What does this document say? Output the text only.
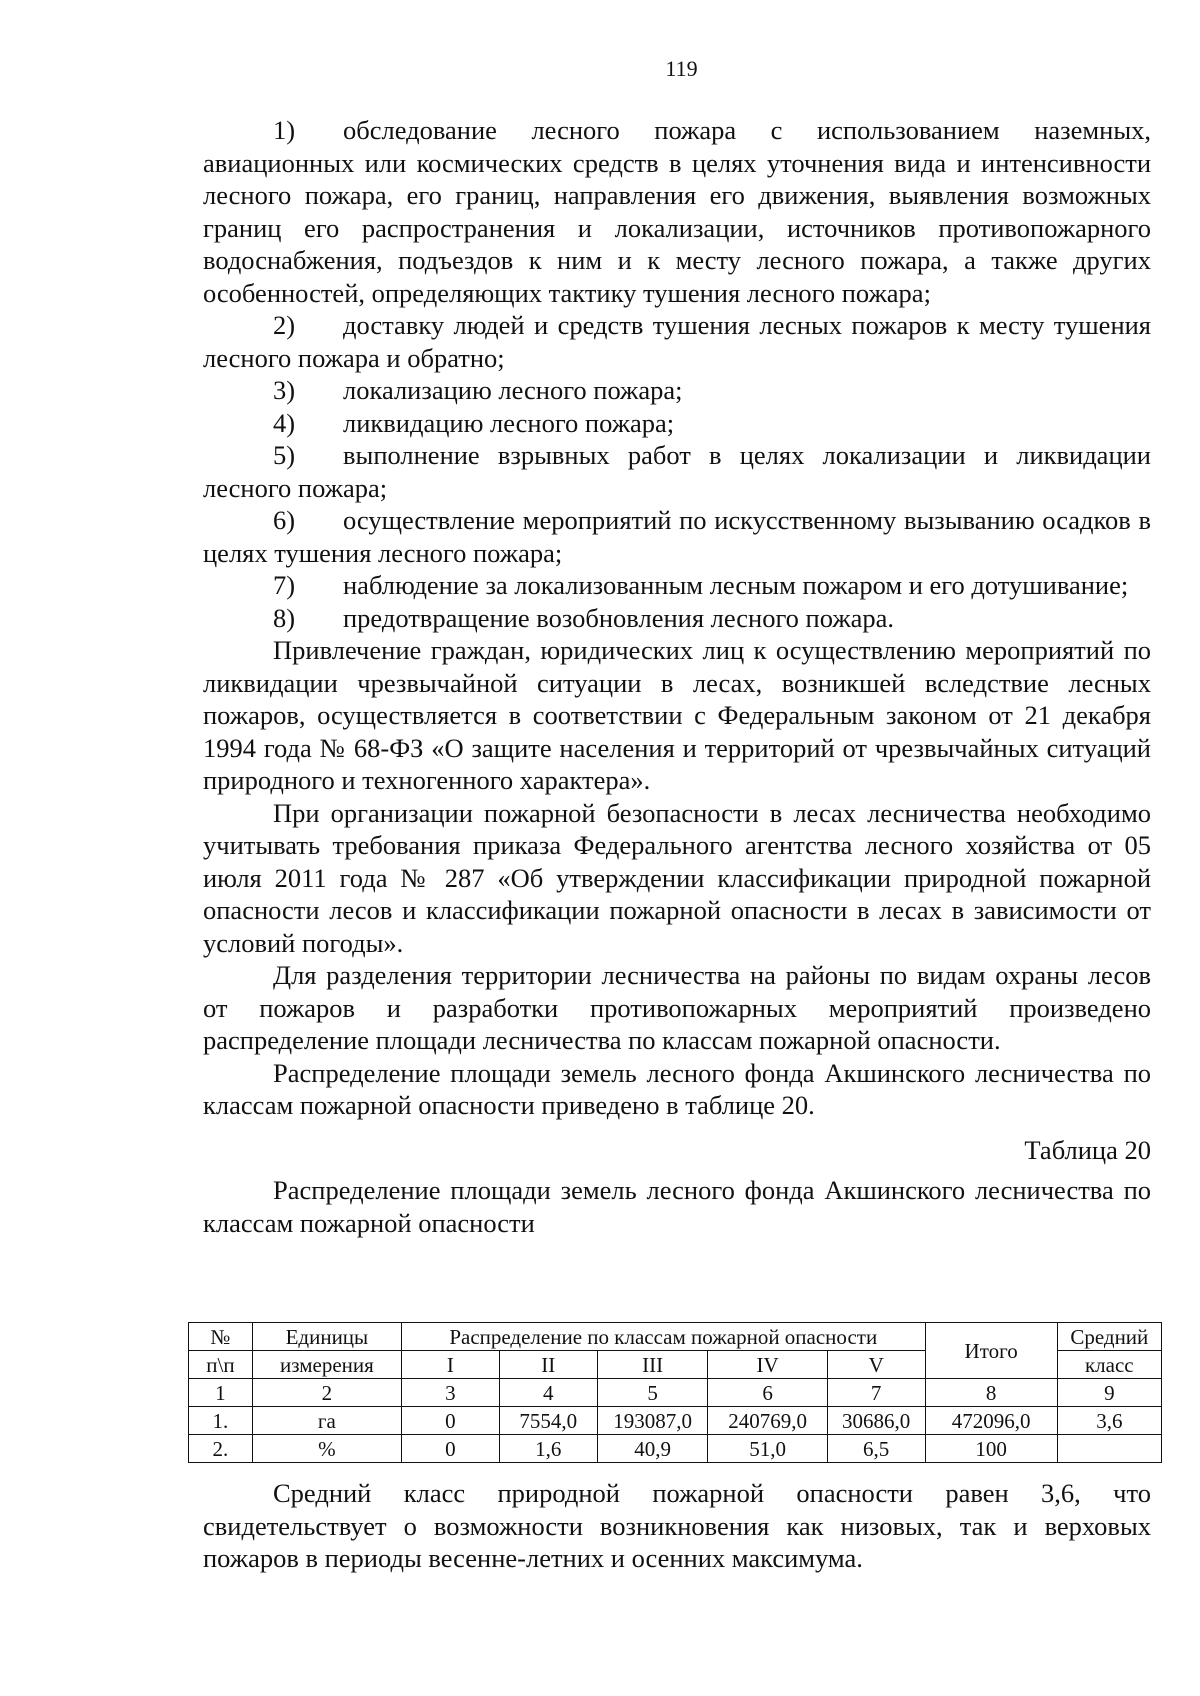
119

1) обследование лесного пожара с использованием наземных, авиационных или космических средств в целях уточнения вида и интенсивности лесного пожара, его границ, направления его движения, выявления возможных границ его распространения и локализации, источников противопожарного водоснабжения, подъездов к ним и к месту лесного пожара, а также других особенностей, определяющих тактику тушения лесного пожара;

2) доставку людей и средств тушения лесных пожаров к месту тушения лесного пожара и обратно;

3) локализацию лесного пожара;

4) ликвидацию лесного пожара;

5) выполнение взрывных работ в целях локализации и ликвидации лесного пожара;

6) осуществление мероприятий по искусственному вызыванию осадков в целях тушения лесного пожара;

7) наблюдение за локализованным лесным пожаром и его дотушивание;

8) предотвращение возобновления лесного пожара.

Привлечение граждан, юридических лиц к осуществлению мероприятий по ликвидации чрезвычайной ситуации в лесах, возникшей вследствие лесных пожаров, осуществляется в соответствии с Федеральным законом от 21 декабря 1994 года № 68-ФЗ «О защите населения и территорий от чрезвычайных ситуаций природного и техногенного характера».

При организации пожарной безопасности в лесах лесничества необходимо учитывать требования приказа Федерального агентства лесного хозяйства от 05 июля 2011 года № 287 «Об утверждении классификации природной пожарной опасности лесов и классификации пожарной опасности в лесах в зависимости от условий погоды».

Для разделения территории лесничества на районы по видам охраны лесов от пожаров и разработки противопожарных мероприятий произведено распределение площади лесничества по классам пожарной опасности.

Распределение площади земель лесного фонда Акшинского лесничества по классам пожарной опасности приведено в таблице 20.

Таблица 20

Распределение площади земель лесного фонда Акшинского лесничества по классам пожарной опасности

№	Единицы	Распределение по классам пожарной опасности					Итого	Средний
п\п	измерения	I	II	III	IV	V		класс
1	2	3	4	5	6	7	8	9
1.	га	0	7554,0	193087,0	240769,0	30686,0	472096,0	3,6
2.	%	0	1,6	40,9	51,0	6,5	100	

Средний класс природной пожарной опасности равен 3,6, что свидетельствует о возможности возникновения как низовых, так и верховых пожаров в периоды весенне-летних и осенних максимума.
